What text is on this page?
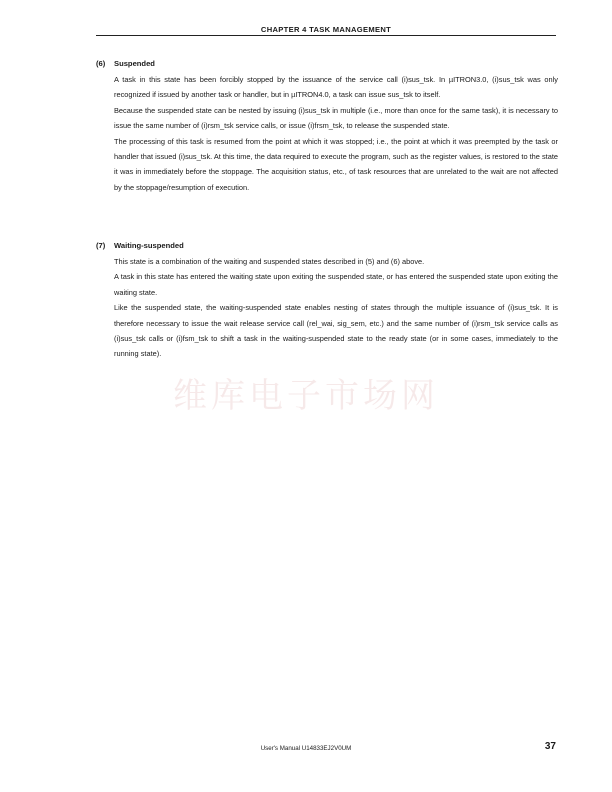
CHAPTER 4 TASK MANAGEMENT
(6) Suspended

A task in this state has been forcibly stopped by the issuance of the service call (i)sus_tsk. In µITRON3.0, (i)sus_tsk was only recognized if issued by another task or handler, but in µITRON4.0, a task can issue sus_tsk to itself.

Because the suspended state can be nested by issuing (i)sus_tsk in multiple (i.e., more than once for the same task), it is necessary to issue the same number of (i)rsm_tsk service calls, or issue (i)frsm_tsk, to release the suspended state.

The processing of this task is resumed from the point at which it was stopped; i.e., the point at which it was preempted by the task or handler that issued (i)sus_tsk. At this time, the data required to execute the program, such as the register values, is restored to the state it was in immediately before the stoppage. The acquisition status, etc., of task resources that are unrelated to the wait are not affected by the stoppage/resumption of execution.

(7) Waiting-suspended

This state is a combination of the waiting and suspended states described in (5) and (6) above.

A task in this state has entered the waiting state upon exiting the suspended state, or has entered the suspended state upon exiting the waiting state.

Like the suspended state, the waiting-suspended state enables nesting of states through the multiple issuance of (i)sus_tsk. It is therefore necessary to issue the wait release service call (rel_wai, sig_sem, etc.) and the same number of (i)rsm_tsk service calls as (i)sus_tsk calls or (i)fsm_tsk to shift a task in the waiting-suspended state to the ready state (or in some cases, immediately to the running state).

维库电子市场网
User's Manual U14833EJ2V0UM	37
